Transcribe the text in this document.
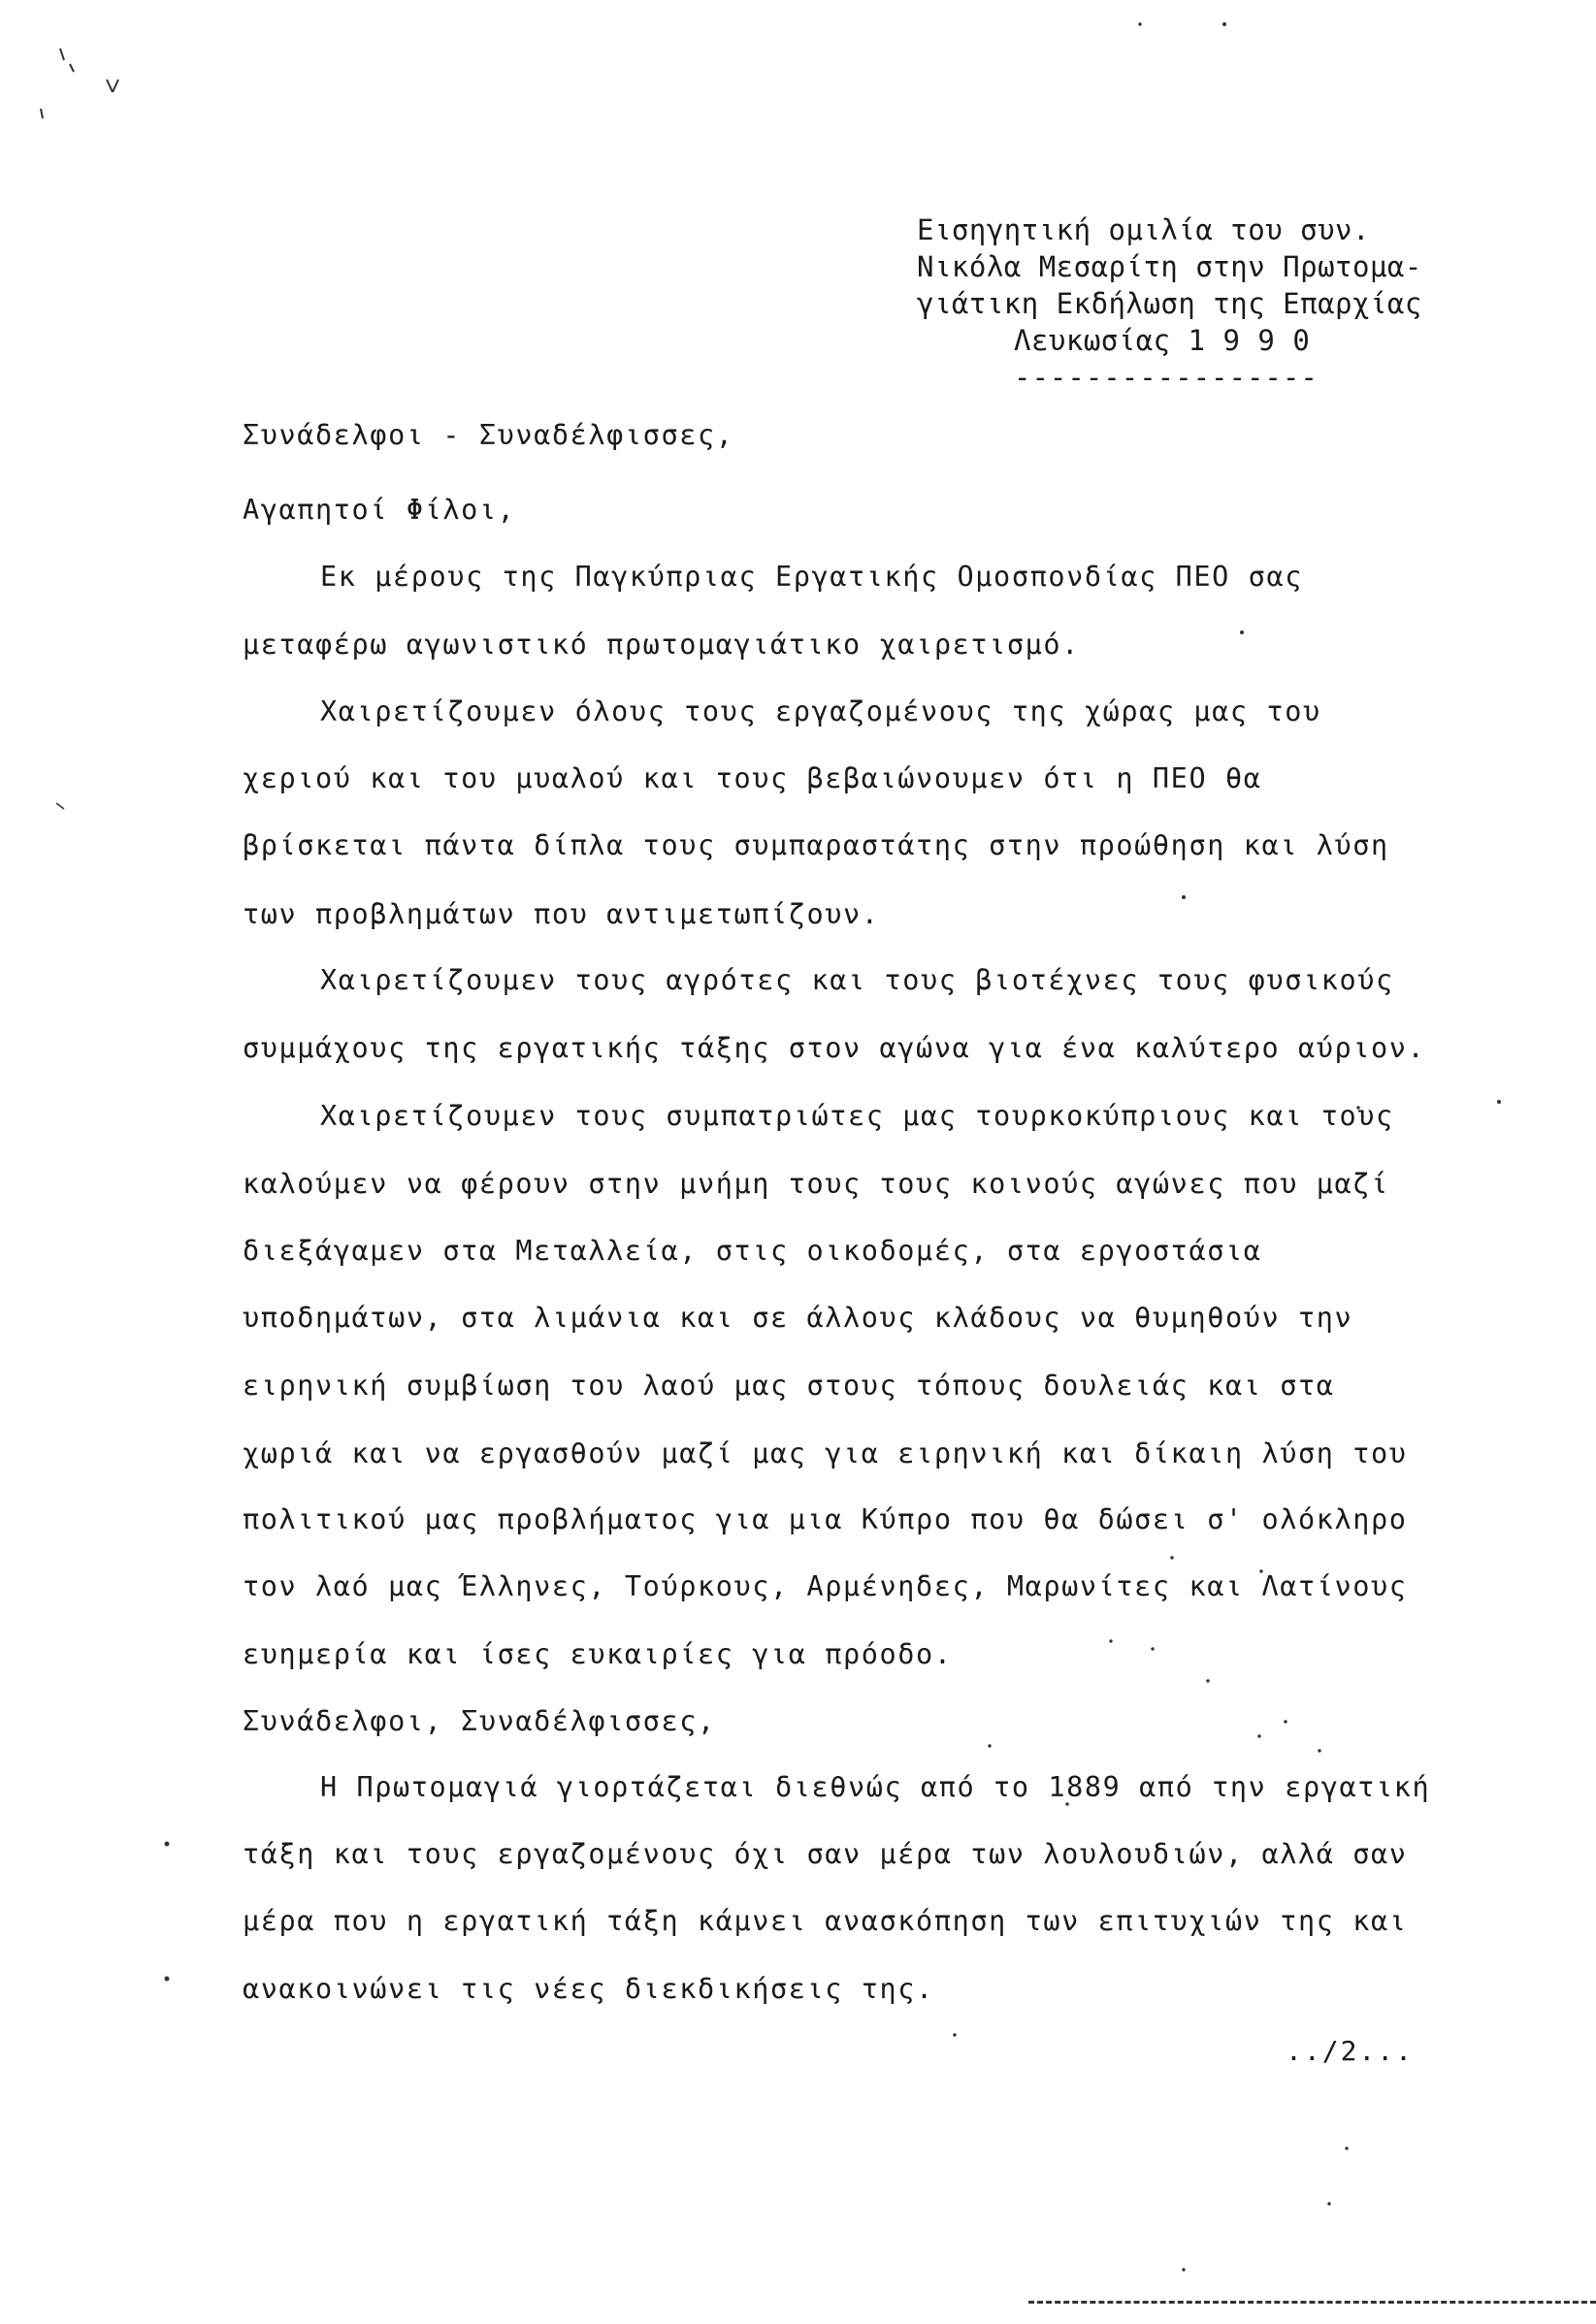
Εισηγητική ομιλία του συν.
Νικόλα Μεσαρίτη στην Πρωτομα-
γιάτικη Εκδήλωση της Επαρχίας
Λευκωσίας 1 9 9 0
-----------------
Συνάδελφοι - Συναδέλφισσες,
Αγαπητοί Φίλοι,
Εκ μέρους της Παγκύπριας Εργατικής Ομοσπονδίας ΠΕΟ σας
μεταφέρω αγωνιστικό πρωτομαγιάτικο χαιρετισμό.
Χαιρετίζουμεν όλους τους εργαζομένους της χώρας μας του
χεριού και του μυαλού και τους βεβαιώνουμεν ότι η ΠΕΟ θα
βρίσκεται πάντα δίπλα τους συμπαραστάτης στην προώθηση και λύση
των προβλημάτων που αντιμετωπίζουν.
Χαιρετίζουμεν τους αγρότες και τους βιοτέχνες τους φυσικούς
συμμάχους της εργατικής τάξης στον αγώνα για ένα καλύτερο αύριον.
Χαιρετίζουμεν τους συμπατριώτες μας τουρκοκύπριους και τους
καλούμεν να φέρουν στην μνήμη τους τους κοινούς αγώνες που μαζί
διεξάγαμεν στα Μεταλλεία, στις οικοδομές, στα εργοστάσια
υποδημάτων, στα λιμάνια και σε άλλους κλάδους να θυμηθούν την
ειρηνική συμβίωση του λαού μας στους τόπους δουλειάς και στα
χωριά και να εργασθούν μαζί μας για ειρηνική και δίκαιη λύση του
πολιτικού μας προβλήματος για μια Κύπρο που θα δώσει σ' ολόκληρο
τον λαό μας Έλληνες, Τούρκους, Αρμένηδες, Μαρωνίτες και Λατίνους
ευημερία και ίσες ευκαιρίες για πρόοδο.
Συνάδελφοι, Συναδέλφισσες,
Η Πρωτομαγιά γιορτάζεται διεθνώς από το 1889 από την εργατική
τάξη και τους εργαζομένους όχι σαν μέρα των λουλουδιών, αλλά σαν
μέρα που η εργατική τάξη κάμνει ανασκόπηση των επιτυχιών της και
ανακοινώνει τις νέες διεκδικήσεις της.
../2...
